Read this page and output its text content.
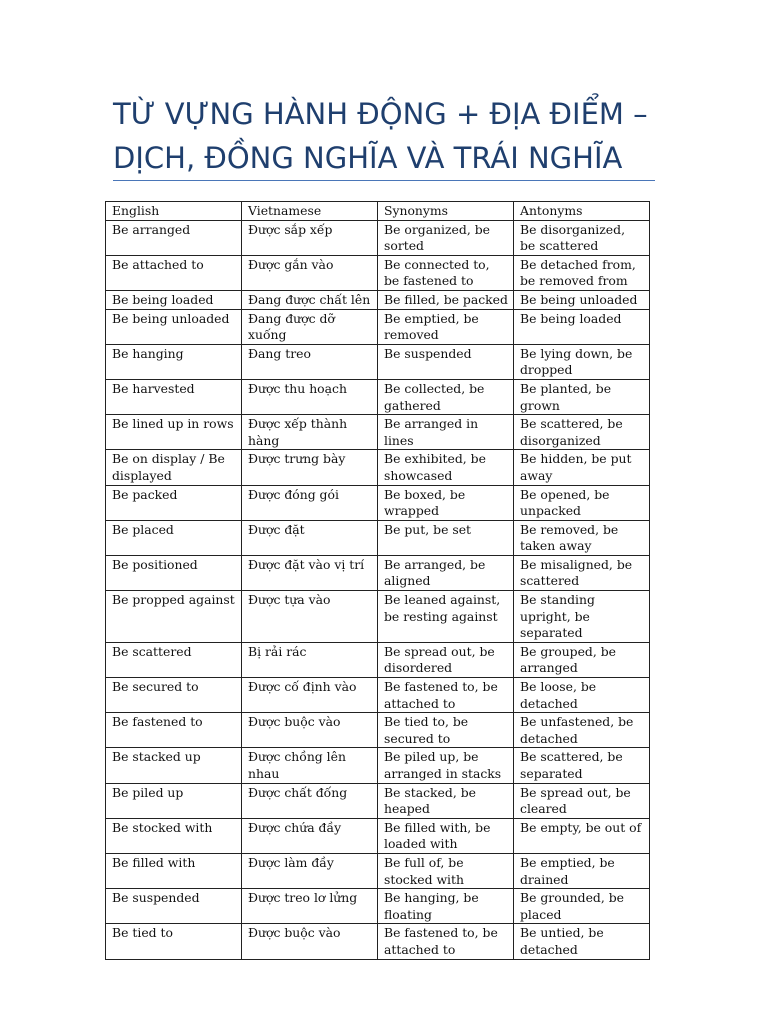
TỪ VỰNG HÀNH ĐỘNG + ĐỊA ĐIỂM –
DỊCH, ĐỒNG NGHĨA VÀ TRÁI NGHĨA
English	Vietnamese	Synonyms	Antonyms
Be arranged	Được sắp xếp	Be organized, be sorted	Be disorganized, be scattered
Be attached to	Được gắn vào	Be connected to, be fastened to	Be detached from, be removed from
Be being loaded	Đang được chất lên	Be filled, be packed	Be being unloaded
Be being unloaded	Đang được dỡ xuống	Be emptied, be removed	Be being loaded
Be hanging	Đang treo	Be suspended	Be lying down, be dropped
Be harvested	Được thu hoạch	Be collected, be gathered	Be planted, be grown
Be lined up in rows	Được xếp thành hàng	Be arranged in lines	Be scattered, be disorganized
Be on display / Be displayed	Được trưng bày	Be exhibited, be showcased	Be hidden, be put away
Be packed	Được đóng gói	Be boxed, be wrapped	Be opened, be unpacked
Be placed	Được đặt	Be put, be set	Be removed, be taken away
Be positioned	Được đặt vào vị trí	Be arranged, be aligned	Be misaligned, be scattered
Be propped against	Được tựa vào	Be leaned against, be resting against	Be standing upright, be separated
Be scattered	Bị rải rác	Be spread out, be disordered	Be grouped, be arranged
Be secured to	Được cố định vào	Be fastened to, be attached to	Be loose, be detached
Be fastened to	Được buộc vào	Be tied to, be secured to	Be unfastened, be detached
Be stacked up	Được chồng lên nhau	Be piled up, be arranged in stacks	Be scattered, be separated
Be piled up	Được chất đống	Be stacked, be heaped	Be spread out, be cleared
Be stocked with	Được chứa đầy	Be filled with, be loaded with	Be empty, be out of
Be filled with	Được làm đầy	Be full of, be stocked with	Be emptied, be drained
Be suspended	Được treo lơ lửng	Be hanging, be floating	Be grounded, be placed
Be tied to	Được buộc vào	Be fastened to, be attached to	Be untied, be detached
